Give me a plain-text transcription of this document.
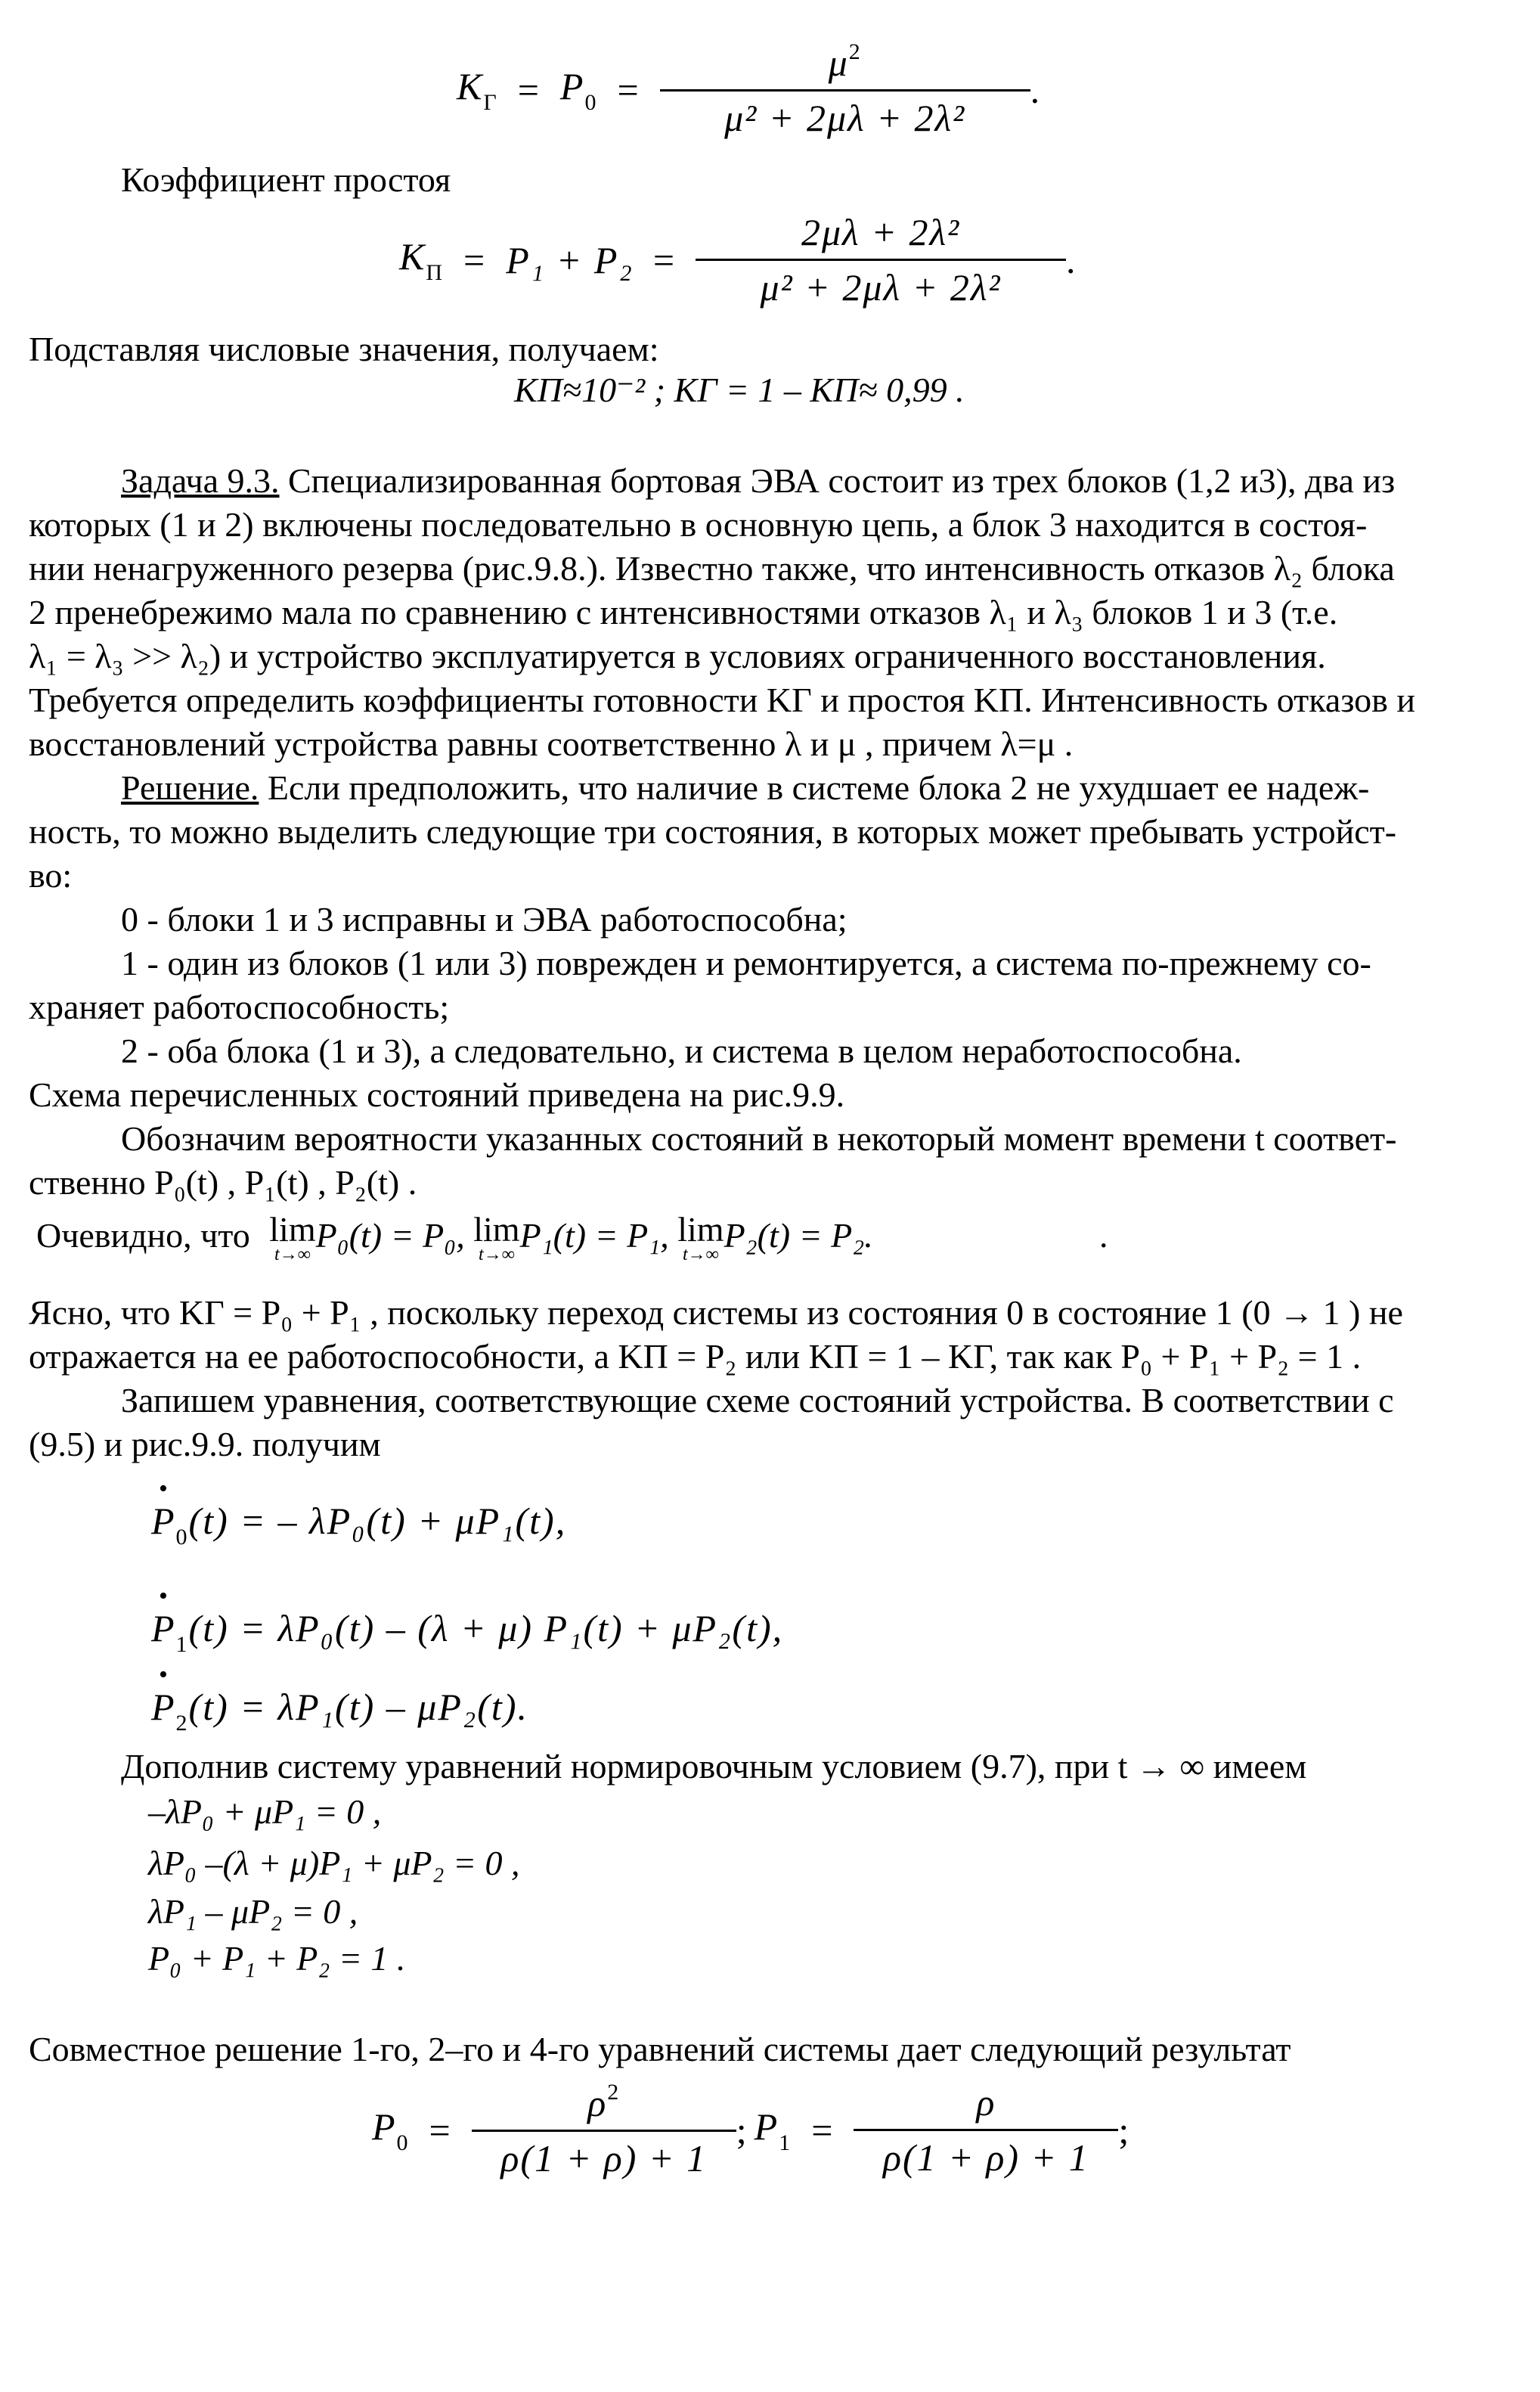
$K_Г = P_0 = \frac{\mu^2}{\text{μ² + 2μλ + 2λ²}}$ .
Коэффициент простоя
$K_П = P_1 + P_2 = \frac{\text{2μλ + 2λ²}}{\text{μ² + 2μλ + 2λ²}}$ .
Подставляя числовые значения, получаем:
KП≈10⁻² ; KГ = 1 – KП≈ 0,99 .
Задача 9.3. Специализированная бортовая ЭВА состоит из трех блоков (1,2 и3), два из
которых (1 и 2) включены последовательно в основную цепь, а блок 3 находится в состоя-
нии ненагруженного резерва (рис.9.8.). Известно также, что интенсивность отказов λ₂ блока
2 пренебрежимо мала по сравнению с интенсивностями отказов λ₁ и λ₃ блоков 1 и 3 (т.е.
λ₁ = λ₃ >> λ₂) и устройство эксплуатируется в условиях ограниченного восстановления.
Требуется определить коэффициенты готовности KГ и простоя KП. Интенсивность отказов и
восстановлений устройства равны соответственно λ и μ , причем λ=μ .
Решение. Если предположить, что наличие в системе блока 2 не ухудшает ее надеж-
ность, то можно выделить следующие три состояния, в которых может пребывать устройст-
во:
0 - блоки 1 и 3 исправны и ЭВА работоспособна;
1 - один из блоков (1 или 3) поврежден и ремонтируется, а система по-прежнему со-
храняет работоспособность;
2 - оба блока (1 и 3), а следовательно, и система в целом неработоспособна.
Схема перечисленных состояний приведена на рис.9.9.
Обозначим вероятности указанных состояний в некоторый момент времени t соответ-
ственно P₀(t) , P₁(t) , P₂(t) .
Очевидно, что lim
t→∞ P₀(t) = P₀, lim
t→∞ P₁(t) = P₁, lim
t→∞ P₂(t) = P₂.	.
Ясно, что KГ = P₀ + P₁ , поскольку переход системы из состояния 0 в состояние 1 (0 → 1 ) не
отражается на ее работоспособности, а KП = P₂ или KП = 1 – KГ, так как P₀ + P₁ + P₂ = 1 .
Запишем уравнения, соответствующие схеме состояний устройства. В соответствии с
(9.5) и рис.9.9. получим
• $P_0(t)$ = – λP₀(t) + μP₁(t),
• $P_1(t) = \lambda P_0(t) - (\lambda + \mu) P_1(t) + \mu P_2(t)$,
• $P_2(t) = \lambda P_1(t) - \mu P_2(t)$.
Дополнив систему уравнений нормировочным условием (9.7), при t → ∞ имеем
–λP₀ + μP₁ = 0 ,
λP₀ –(λ + μ)P₁ + μP₂ = 0 ,
λP₁ – μP₂ = 0 ,
P₀ + P₁ + P₂ = 1 .
Совместное решение 1-го, 2–го и 4-го уравнений системы дает следующий результат
$P_0 = \frac{\rho^2}{\rho(1 + \rho) + 1}$ ; $P_1 = \frac{\rho}{\rho(1 + \rho) + 1}$ ;
